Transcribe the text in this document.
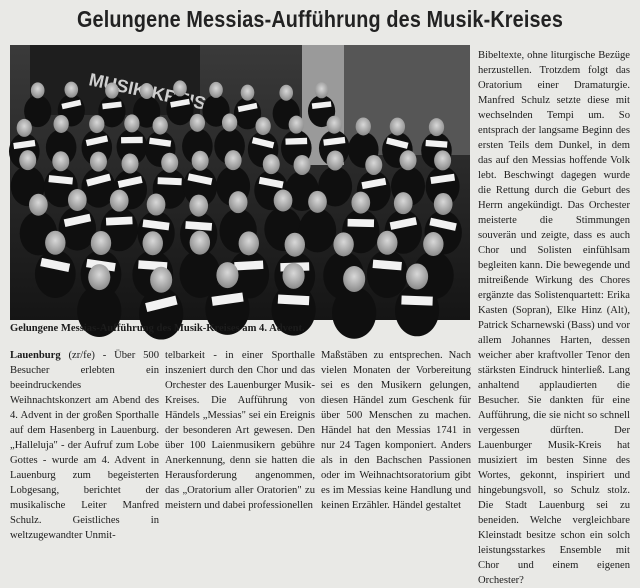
Gelungene Messias-Aufführung des Musik-Kreises
Gelungene Messias-Aufführung des Musik-Kreises am 4. Advent.

Lauenburg (zr/fe) - Über 500 Besucher erlebten ein beeindruckendes Weihnachtskonzert am Abend des 4. Advent in der großen Sporthalle auf dem Hasenberg in Lauenburg. „Halleluja" - der Aufruf zum Lobe Gottes - wurde am 4. Advent in Lauenburg zum begeisterten Lobgesang, berichtet der musikalische Leiter Manfred Schulz. Geistliches in weltzugewandter Unmit-

telbarkeit - in einer Sporthalle inszeniert durch den Chor und das Orchester des Lauenburger Musik-Kreises. Die Aufführung von Händels „Messias" sei ein Ereignis der besonderen Art gewesen. Den über 100 Laienmusikern gebühre Anerkennung, denn sie hatten die Herausforderung angenommen, das „Oratorium aller Oratorien" zu meistern und dabei professionellen

Maßstäben zu entsprechen. Nach vielen Monaten der Vorbereitung sei es den Musikern gelungen, diesen Händel zum Geschenk für über 500 Menschen zu machen. Händel hat den Messias 1741 in nur 24 Tagen komponiert. Anders als in den Bachschen Passionen oder im Weihnachtsoratorium gibt es im Messias keine Handlung und keinen Erzähler. Händel gestaltet

Bibeltexte, ohne liturgische Bezüge herzustellen. Trotzdem folgt das Oratorium einer Dramaturgie. Manfred Schulz setzte diese mit wechselnden Tempi um. So entsprach der langsame Beginn des ersten Teils dem Dunkel, in dem das auf den Messias hoffende Volk lebt. Beschwingt dagegen wurde die Rettung durch die Geburt des Herrn angekündigt. Das Orchester meisterte die Stimmungen souverän und zeigte, dass es auch Chor und Solisten einfühlsam begleiten kann. Die bewegende und mitreißende Wirkung des Chores ergänzte das Solistenquartett: Erika Kasten (Sopran), Elke Hinz (Alt), Patrick Scharnewski (Bass) und vor allem Johannes Harten, dessen weicher aber kraftvoller Tenor den stärksten Eindruck hinterließ. Lang anhaltend applaudierten die Besucher. Sie dankten für eine Aufführung, die sie nicht so schnell vergessen dürften. Der Lauenburger Musik-Kreis hat musiziert im besten Sinne des Wortes, gekonnt, inspiriert und hingebungsvoll, so Schulz stolz. Die Stadt Lauenburg sei zu beneiden. Welche vergleichbare Kleinstadt besitze schon ein solch leistungsstarkes Ensemble mit Chor und einem eigenen Orchester?
